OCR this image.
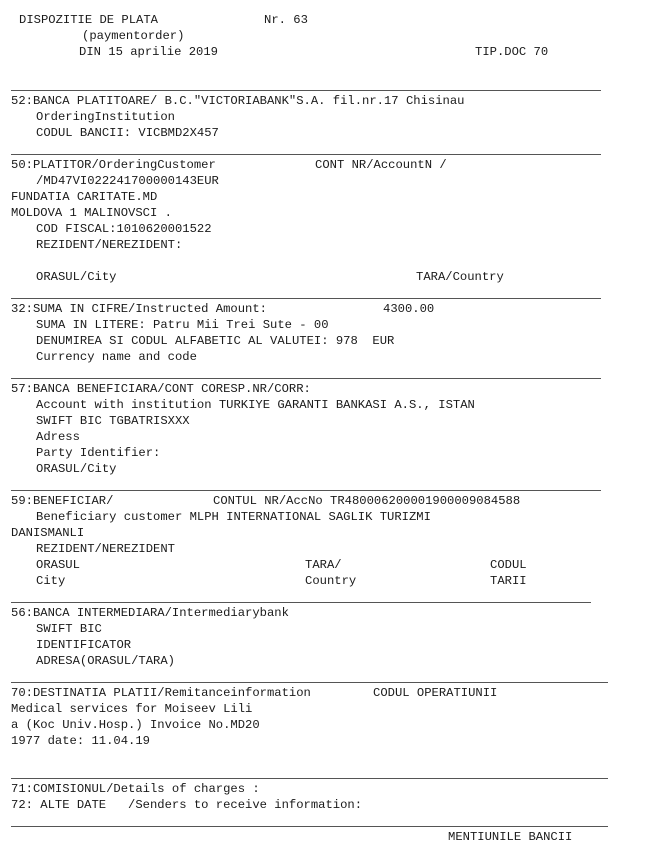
DISPOZITIE DE PLATA	Nr. 63
(paymentorder)
DIN 15 aprilie 2019	TIP.DOC 70
52:BANCA PLATITOARE/ B.C."VICTORIABANK"S.A. fil.nr.17 Chisinau
OrderingInstitution
CODUL BANCII: VICBMD2X457
50:PLATITOR/OrderingCustomer	CONT NR/AccountN /
/MD47VI022241700000143EUR
FUNDATIA CARITATE.MD
MOLDOVA 1 MALINOVSCI .
COD FISCAL:1010620001522
REZIDENT/NEREZIDENT:
ORASUL/City	TARA/Country
32:SUMA IN CIFRE/Instructed Amount:	4300.00
SUMA IN LITERE: Patru Mii Trei Sute - 00
DENUMIREA SI CODUL ALFABETIC AL VALUTEI: 978  EUR
Currency name and code
57:BANCA BENEFICIARA/CONT CORESP.NR/CORR:
Account with institution TURKIYE GARANTI BANKASI A.S., ISTAN
SWIFT BIC TGBATRISXXX
Adress
Party Identifier:
ORASUL/City
59:BENEFICIAR/	CONTUL NR/AccNo TR480006200001900009084588
Beneficiary customer MLPH INTERNATIONAL SAGLIK TURIZMI
DANISMANLI
REZIDENT/NEREZIDENT
ORASUL	TARA/	CODUL
City	Country	TARII
56:BANCA INTERMEDIARA/Intermediarybank
SWIFT BIC
IDENTIFICATOR
ADRESA(ORASUL/TARA)
70:DESTINATIA PLATII/Remitanceinformation	CODUL OPERATIUNII
Medical services for Moiseev Lili
a (Koc Univ.Hosp.) Invoice No.MD20
1977 date: 11.04.19
71:COMISIONUL/Details of charges :
72: ALTE DATE   /Senders to receive information:
MENTIUNILE BANCII
